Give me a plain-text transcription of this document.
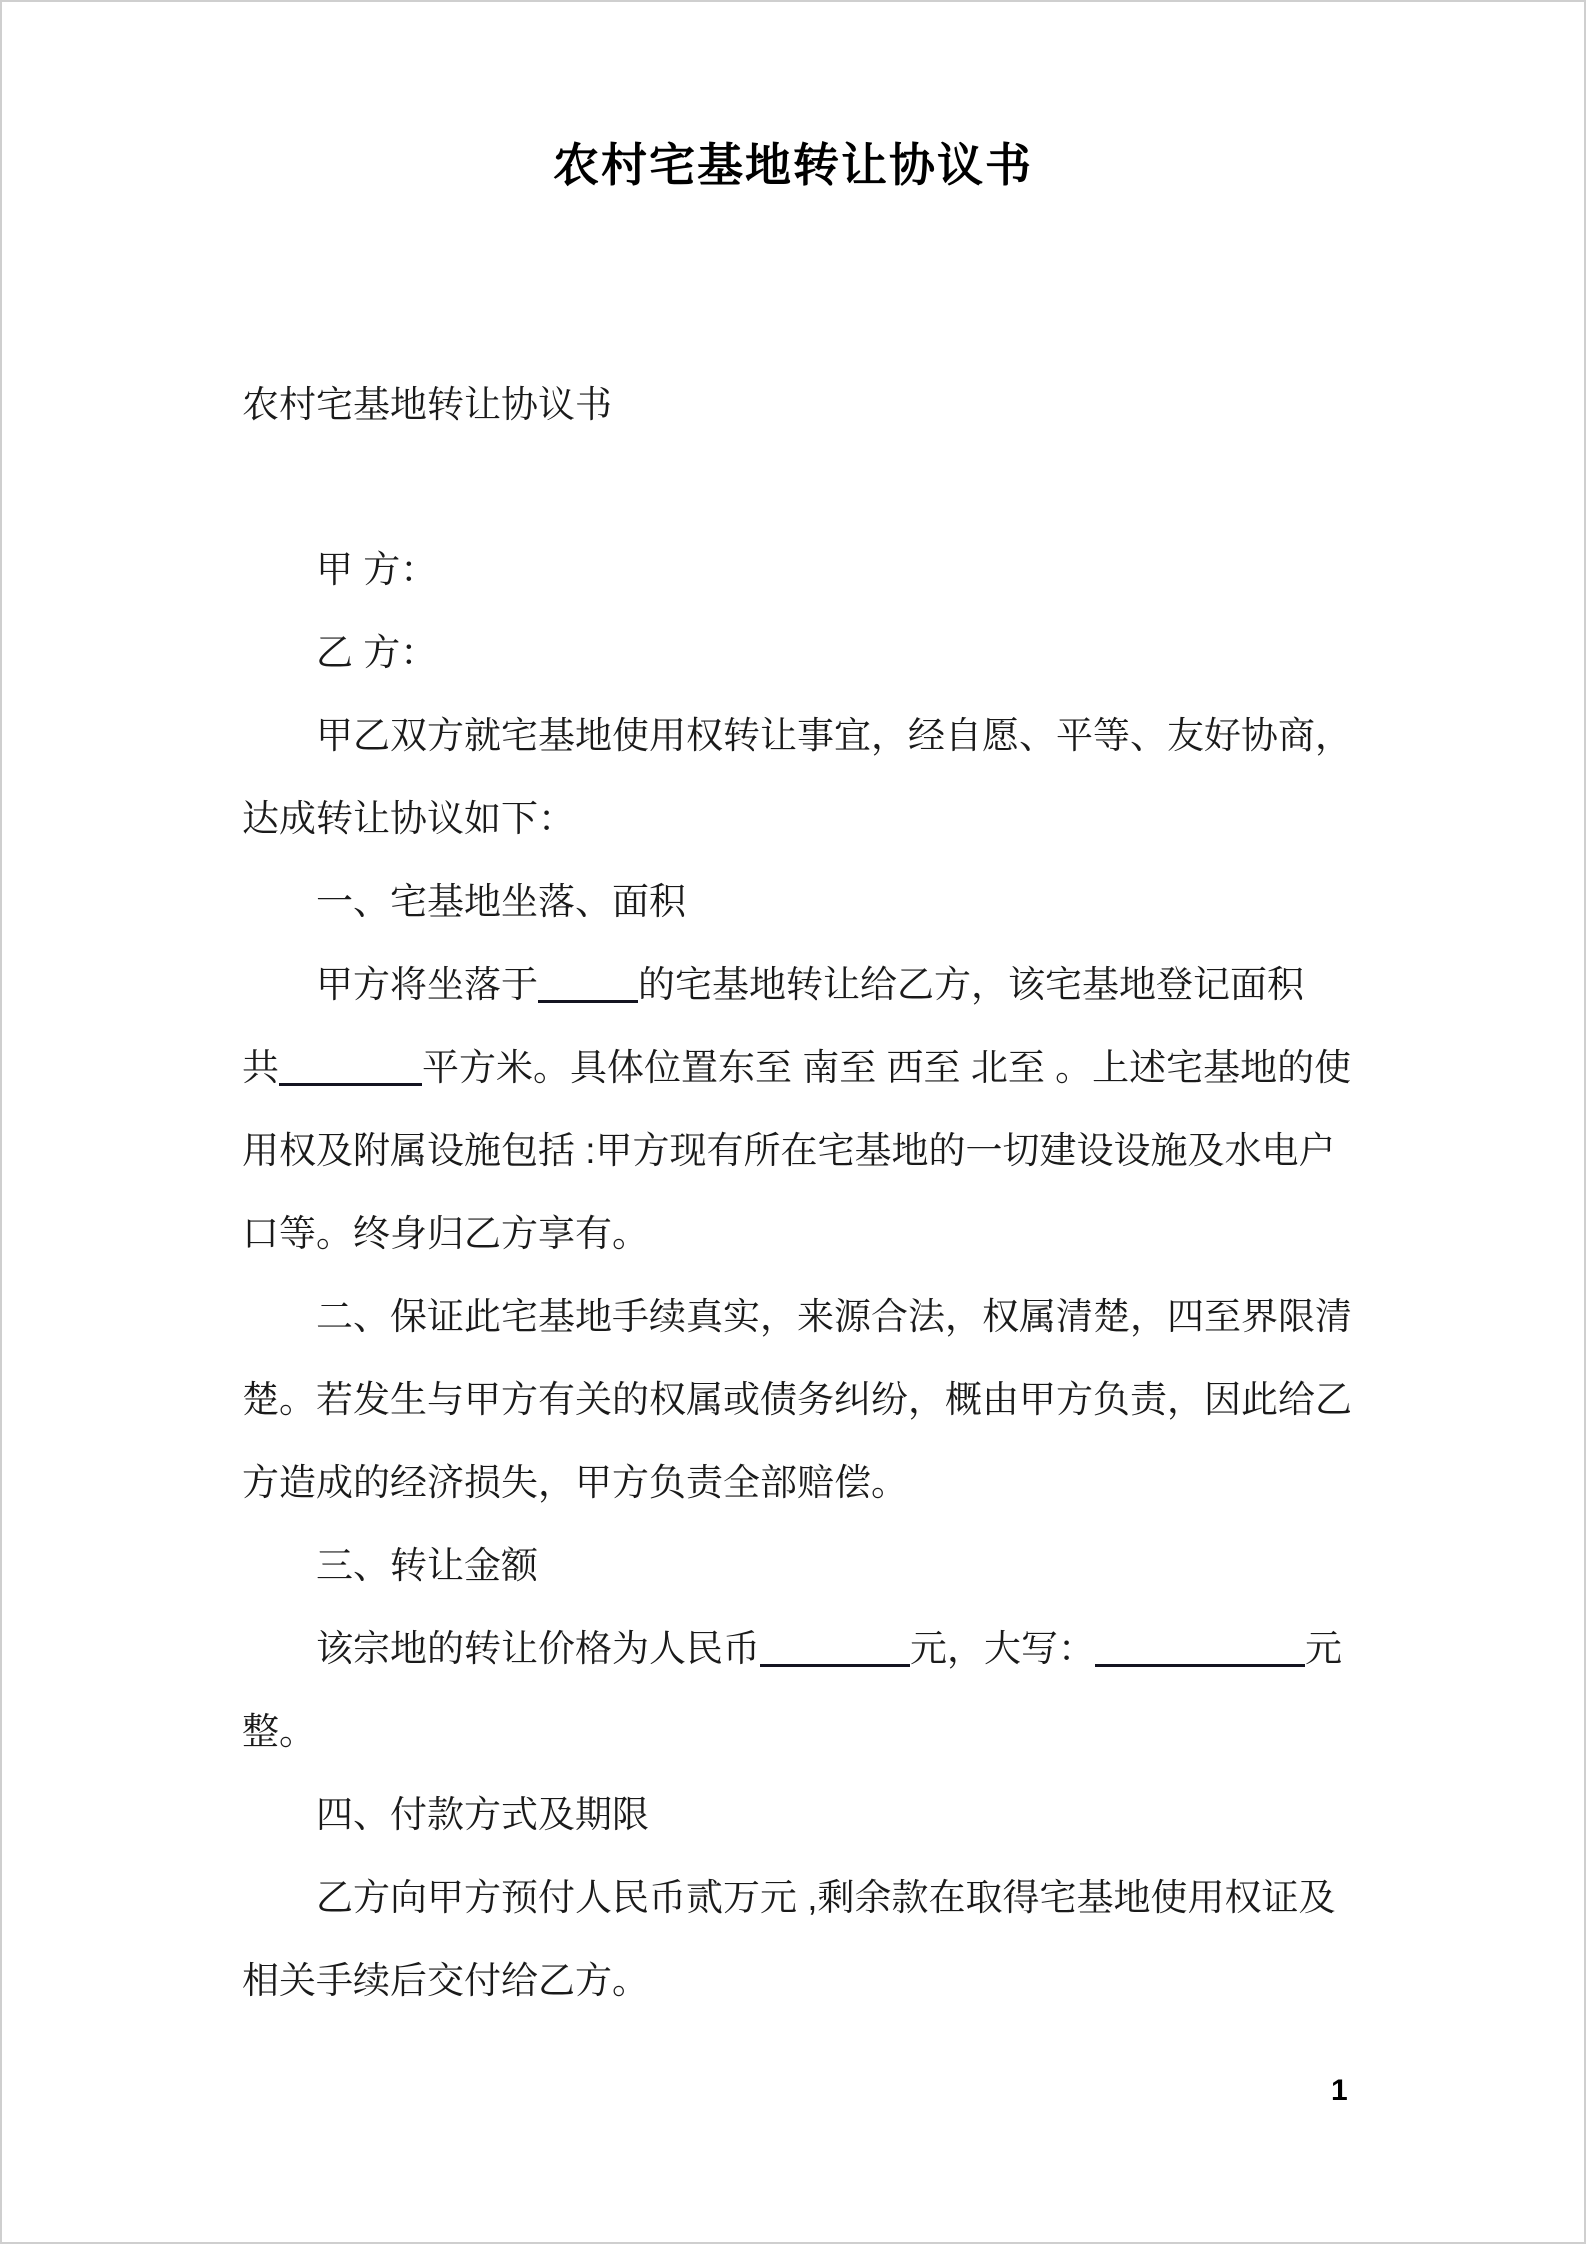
农村宅基地转让协议书
农村宅基地转让协议书
甲 方：
乙 方：
甲乙双方就宅基地使用权转让事宜，经自愿、平等、友好协商，
达成转让协议如下：
一、宅基地坐落、面积
甲方将坐落于	的宅基地转让给乙方，该宅基地登记面积
共	平方米。具体位置东至 南至 西至 北至 。上述宅基地的使
用权及附属设施包括 :甲方现有所在宅基地的一切建设设施及水电户
口等。终身归乙方享有。
二、保证此宅基地手续真实，来源合法，权属清楚，四至界限清
楚。若发生与甲方有关的权属或债务纠纷，概由甲方负责，因此给乙
方造成的经济损失，甲方负责全部赔偿。
三、转让金额
该宗地的转让价格为人民币	元，大写：	元
整。
四、付款方式及期限
乙方向甲方预付人民币贰万元 ,剩余款在取得宅基地使用权证及
相关手续后交付给乙方。
1
